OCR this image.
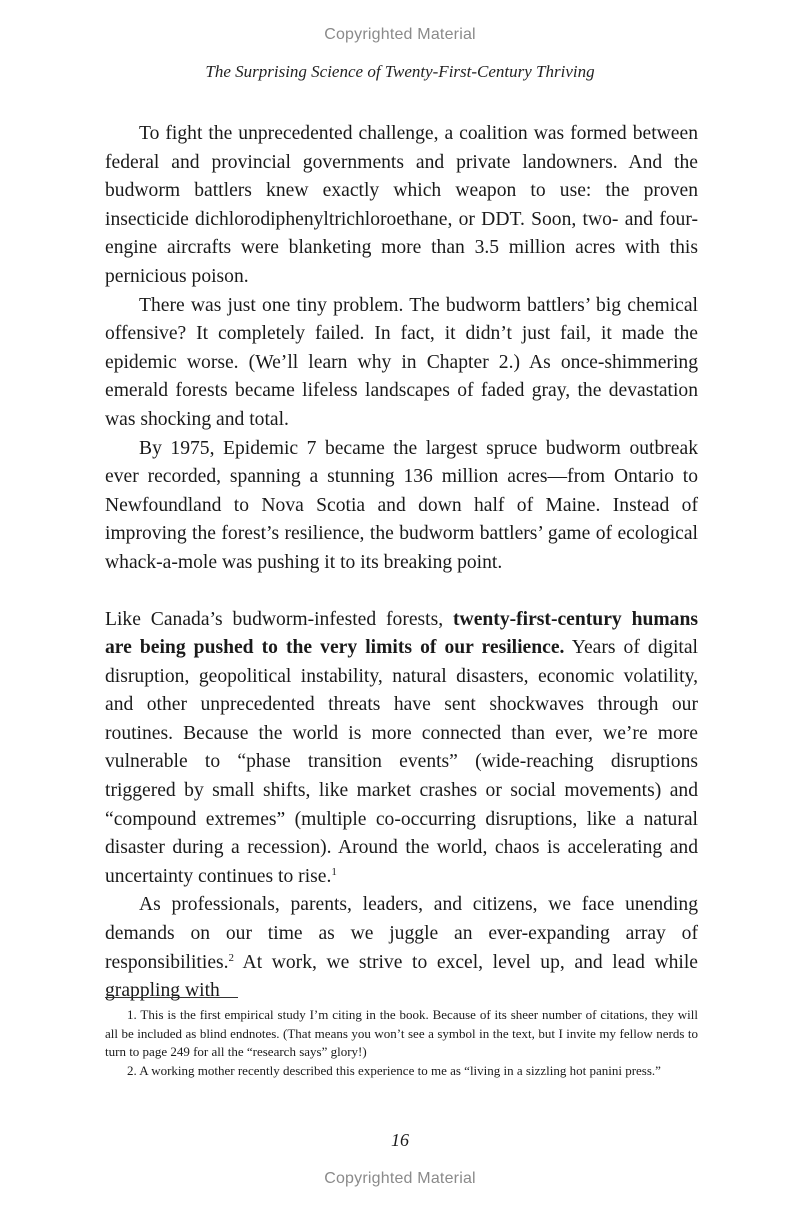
Copyrighted Material
The Surprising Science of Twenty-First-Century Thriving

To fight the unprecedented challenge, a coalition was formed between federal and provincial governments and private landowners. And the budworm battlers knew exactly which weapon to use: the proven insecticide dichlorodiphenyltrichloroethane, or DDT. Soon, two- and four-engine aircrafts were blanketing more than 3.5 million acres with this pernicious poison.

There was just one tiny problem. The budworm battlers’ big chemical offensive? It completely failed. In fact, it didn’t just fail, it made the epidemic worse. (We’ll learn why in Chapter 2.) As once-shimmering emerald forests became lifeless landscapes of faded gray, the devastation was shocking and total.

By 1975, Epidemic 7 became the largest spruce budworm outbreak ever recorded, spanning a stunning 136 million acres—from Ontario to Newfoundland to Nova Scotia and down half of Maine. Instead of improving the forest’s resilience, the budworm battlers’ game of ecological whack-a-mole was pushing it to its breaking point.

Like Canada’s budworm-infested forests, twenty-first-century humans are being pushed to the very limits of our resilience. Years of digital disruption, geopolitical instability, natural disasters, economic volatility, and other unprecedented threats have sent shockwaves through our routines. Because the world is more connected than ever, we’re more vulnerable to “phase transition events” (wide-reaching disruptions triggered by small shifts, like market crashes or social movements) and “compound extremes” (multiple co-occurring disruptions, like a natural disaster during a recession). Around the world, chaos is accelerating and uncertainty continues to rise.$^1$

As professionals, parents, leaders, and citizens, we face unending demands on our time as we juggle an ever-expanding array of responsibilities.$^2$ At work, we strive to excel, level up, and lead while grappling with

1. This is the first empirical study I’m citing in the book. Because of its sheer number of citations, they will all be included as blind endnotes. (That means you won’t see a symbol in the text, but I invite my fellow nerds to turn to page 249 for all the “research says” glory!)

2. A working mother recently described this experience to me as “living in a sizzling hot panini press.”

16
Copyrighted Material
